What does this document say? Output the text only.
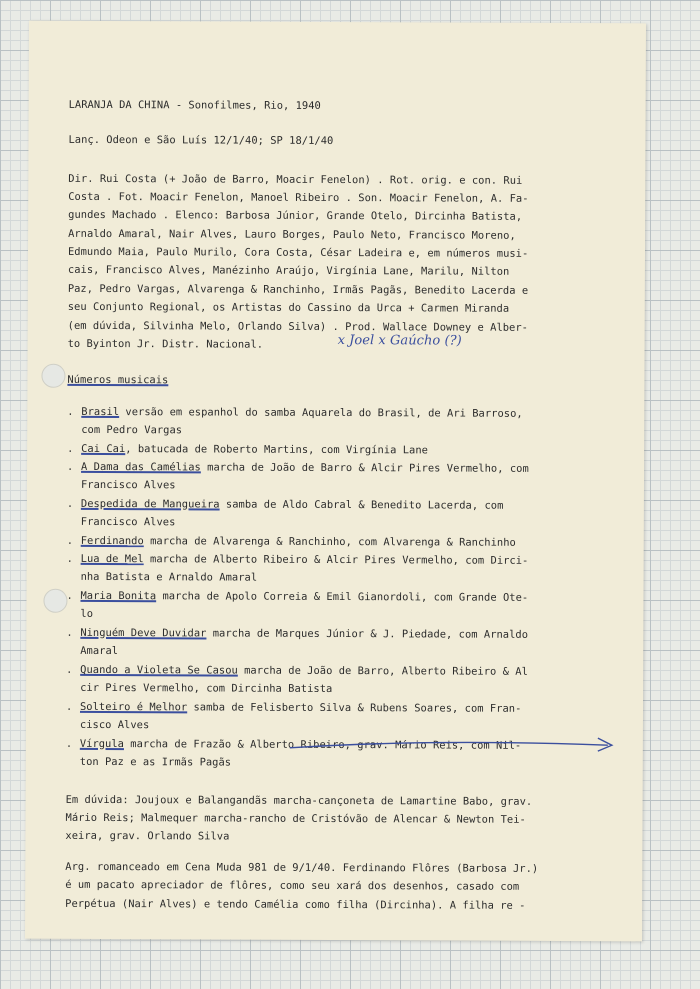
LARANJA DA CHINA - Sonofilmes, Rio, 1940
Lanç. Odeon e São Luís 12/1/40; SP 18/1/40
Dir. Rui Costa (+ João de Barro, Moacir Fenelon) . Rot. orig. e con. Rui
Costa . Fot. Moacir Fenelon, Manoel Ribeiro . Son. Moacir Fenelon, A. Fa-
gundes Machado . Elenco: Barbosa Júnior, Grande Otelo, Dircinha Batista,
Arnaldo Amaral, Nair Alves, Lauro Borges, Paulo Neto, Francisco Moreno,
Edmundo Maia, Paulo Murilo, Cora Costa, César Ladeira e, em números musi-
cais, Francisco Alves, Manézinho Araújo, Virgínia Lane, Marilu, Nilton
Paz, Pedro Vargas, Alvarenga & Ranchinho, Irmãs Pagãs, Benedito Lacerda e
seu Conjunto Regional, os Artistas do Cassino da Urca + Carmen Miranda
(em dúvida, Silvinha Melo, Orlando Silva) . Prod. Wallace Downey e Alber-
to Byinton Jr. Distr. Nacional.	x Joel x Gaúcho (?)
Números musicais
. Brasil versão em espanhol do samba Aquarela do Brasil, de Ari Barroso,
com Pedro Vargas
. Cai Cai, batucada de Roberto Martins, com Virgínia Lane
. A Dama das Camélias marcha de João de Barro & Alcir Pires Vermelho, com
Francisco Alves
. Despedida de Mangueira samba de Aldo Cabral & Benedito Lacerda, com
Francisco Alves
. Ferdinando marcha de Alvarenga & Ranchinho, com Alvarenga & Ranchinho
. Lua de Mel marcha de Alberto Ribeiro & Alcir Pires Vermelho, com Dirci-
nha Batista e Arnaldo Amaral
. Maria Bonita marcha de Apolo Correia & Emil Gianordoli, com Grande Ote-
lo
. Ninguém Deve Duvidar marcha de Marques Júnior & J. Piedade, com Arnaldo
Amaral
. Quando a Violeta Se Casou marcha de João de Barro, Alberto Ribeiro & Al
cir Pires Vermelho, com Dircinha Batista
. Solteiro é Melhor samba de Felisberto Silva & Rubens Soares, com Fran-
cisco Alves
. Vírgula marcha de Frazão & Alberto Ribeiro, grav. Mário Reis, com Nil-
ton Paz e as Irmãs Pagãs
Em dúvida: Joujoux e Balangandãs marcha-cançoneta de Lamartine Babo, grav.
Mário Reis; Malmequer marcha-rancho de Cristóvão de Alencar & Newton Tei-
xeira, grav. Orlando Silva
Arg. romanceado em Cena Muda 981 de 9/1/40. Ferdinando Flôres (Barbosa Jr.)
é um pacato apreciador de flôres, como seu xará dos desenhos, casado com
Perpétua (Nair Alves) e tendo Camélia como filha (Dircinha). A filha re -
